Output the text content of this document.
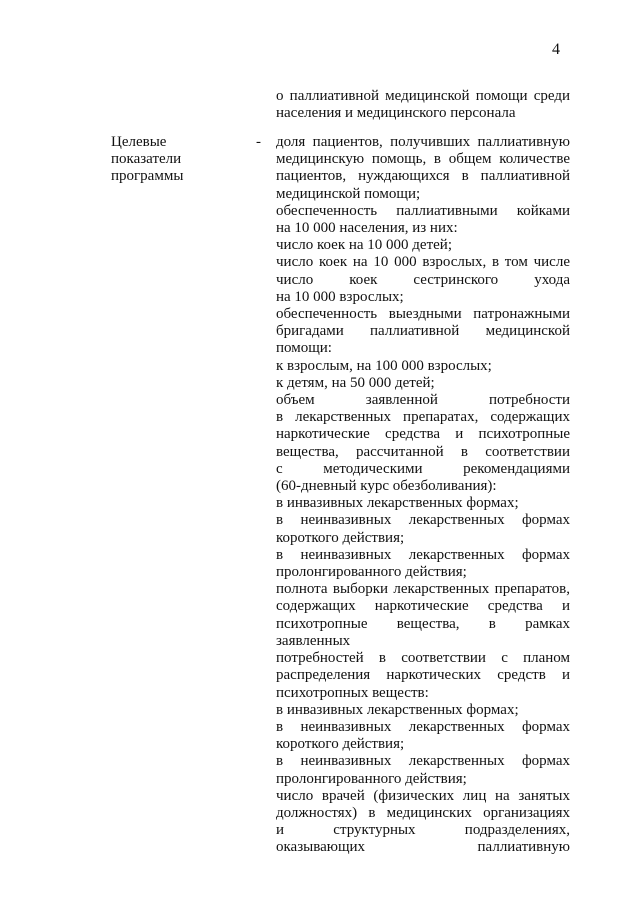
4
о паллиативной медицинской помощи среди
населения и медицинского персонала
Целевые
показатели
программы
- доля пациентов, получивших паллиативную
медицинскую помощь, в общем количестве
пациентов, нуждающихся в паллиативной
медицинской помощи;
обеспеченность паллиативными койками
на 10 000 населения, из них:
число коек на 10 000 детей;
число коек на 10 000 взрослых, в том числе
число коек сестринского ухода
на 10 000 взрослых;
обеспеченность выездными патронажными
бригадами паллиативной медицинской
помощи:
к взрослым, на 100 000 взрослых;
к детям, на 50 000 детей;
объем заявленной потребности
в лекарственных препаратах, содержащих
наркотические средства и психотропные
вещества, рассчитанной в соответствии
с методическими рекомендациями
(60-дневный курс обезболивания):
в инвазивных лекарственных формах;
в неинвазивных лекарственных формах
короткого действия;
в неинвазивных лекарственных формах
пролонгированного действия;
полнота выборки лекарственных препаратов,
содержащих наркотические средства и
психотропные вещества, в рамках заявленных
потребностей в соответствии с планом
распределения наркотических средств и
психотропных веществ:
в инвазивных лекарственных формах;
в неинвазивных лекарственных формах
короткого действия;
в неинвазивных лекарственных формах
пролонгированного действия;
число врачей (физических лиц на занятых
должностях) в медицинских организациях
и структурных подразделениях,
оказывающих паллиативную
